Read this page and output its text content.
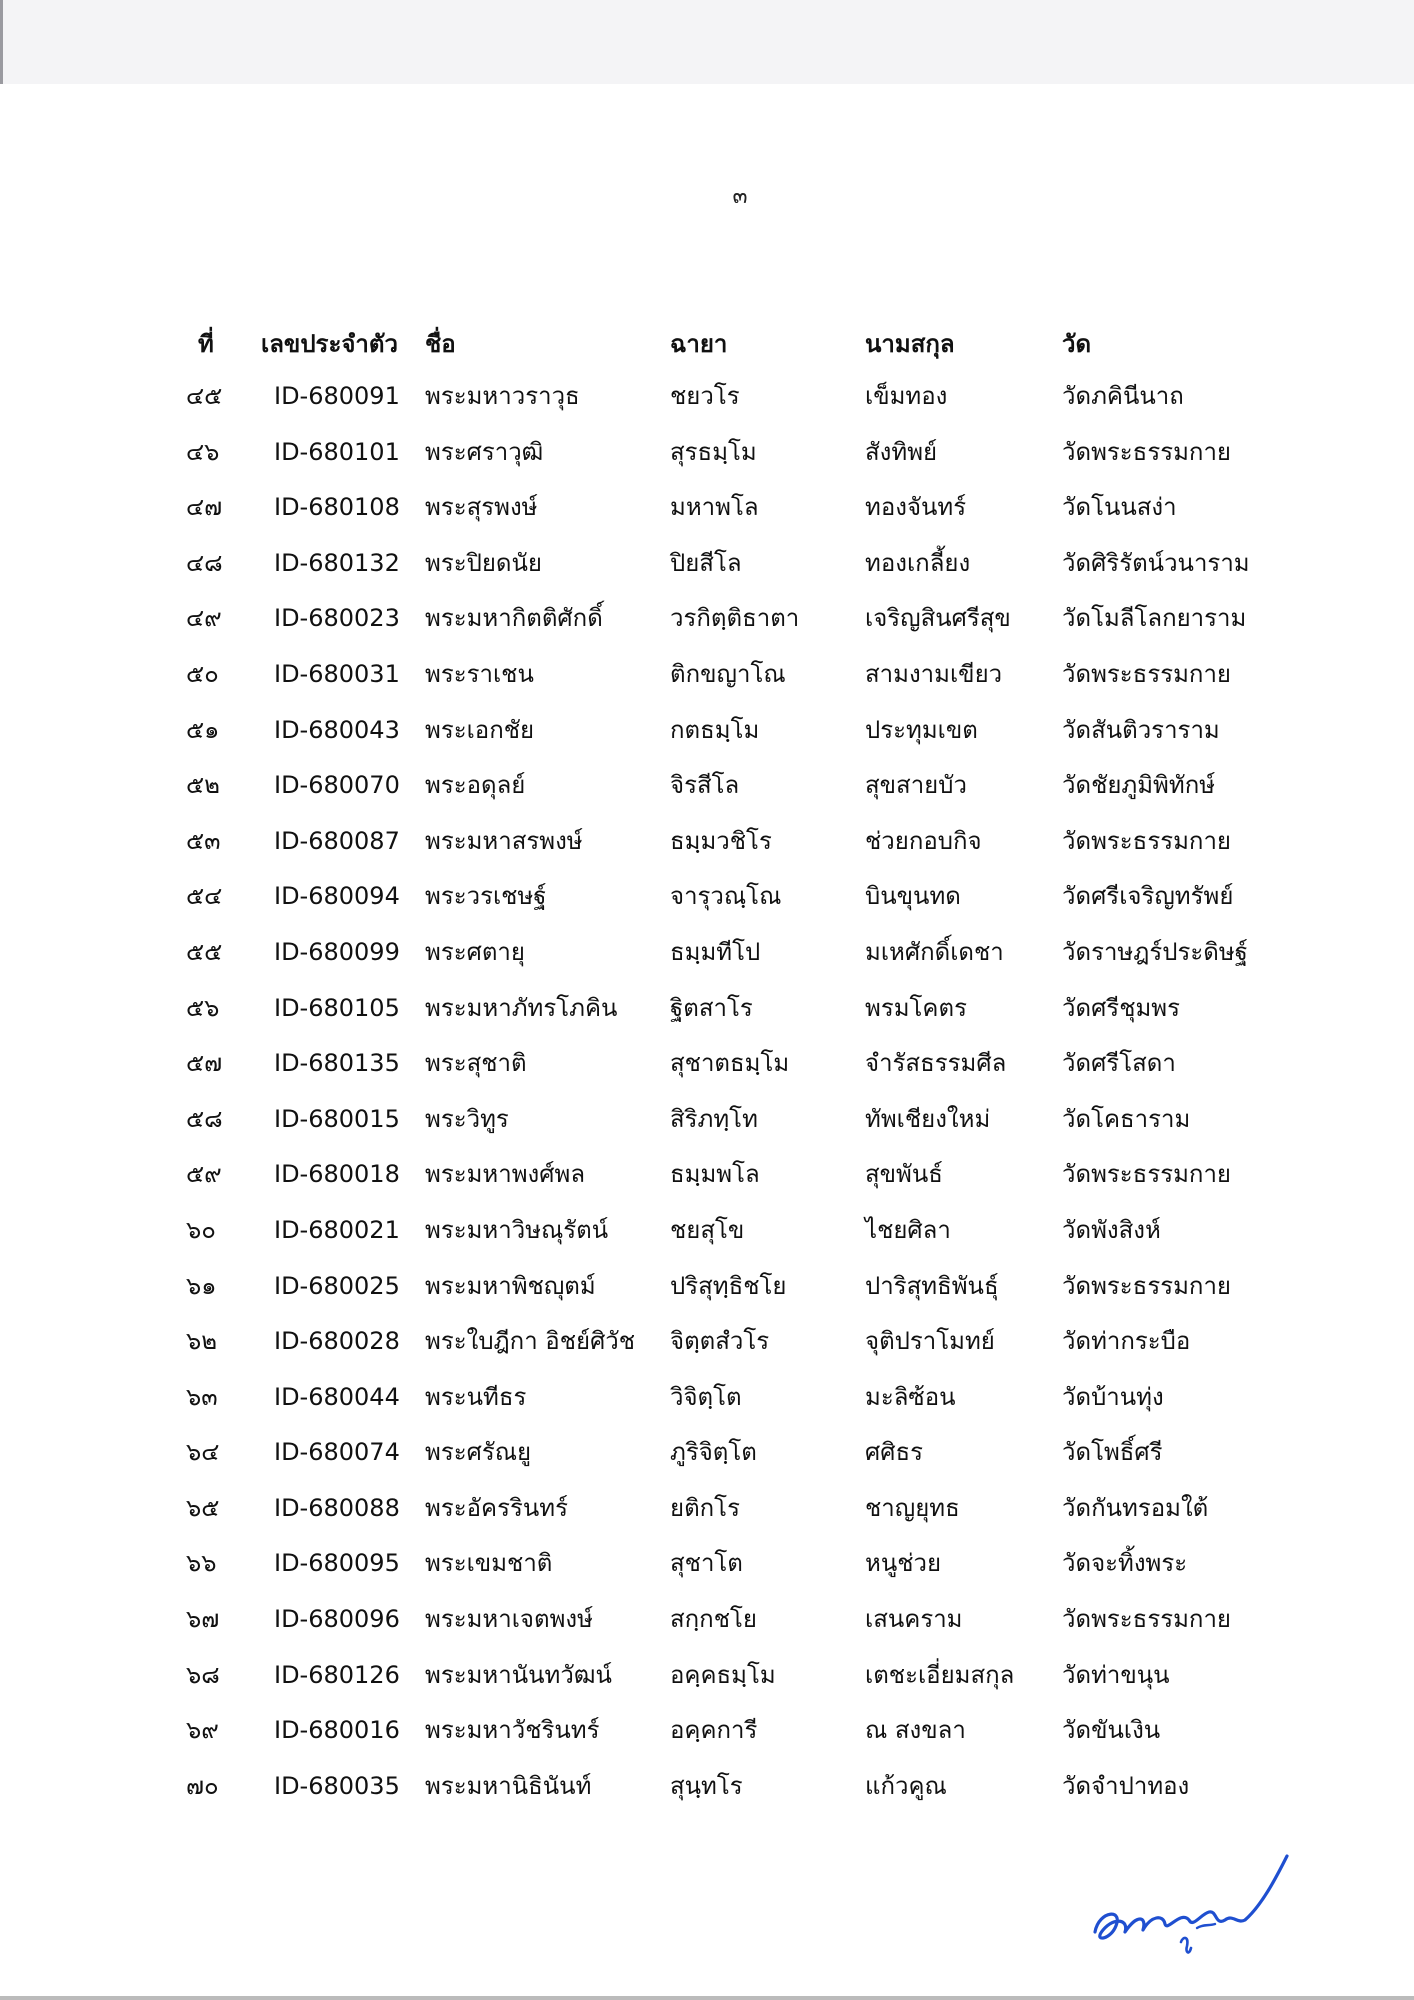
๓
ที่ เลขประจำตัว ชื่อ	ฉายา	นามสกุล	วัด
๔๕ ID-680091 พระมหาวราวุธ	ชยวโร	เข็มทอง	วัดภคินีนาถ
๔๖ ID-680101 พระศราวุฒิ	สุรธมฺโม	สังทิพย์	วัดพระธรรมกาย
๔๗ ID-680108 พระสุรพงษ์	มหาพโล	ทองจันทร์	วัดโนนสง่า
๔๘ ID-680132 พระปิยดนัย	ปิยสีโล	ทองเกลี้ยง	วัดศิริรัตน์วนาราม
๔๙ ID-680023 พระมหากิตติศักดิ์	วรกิตฺติธาตา	เจริญสินศรีสุข วัดโมลีโลกยาราม
๕๐ ID-680031 พระราเชน	ติกขญาโณ	สามงามเขียว วัดพระธรรมกาย
๕๑ ID-680043 พระเอกชัย	กตธมฺโม	ประทุมเขต	วัดสันติวราราม
๕๒ ID-680070 พระอดุลย์	จิรสีโล	สุขสายบัว	วัดชัยภูมิพิทักษ์
๕๓ ID-680087 พระมหาสรพงษ์	ธมฺมวชิโร	ช่วยกอบกิจ	วัดพระธรรมกาย
๕๔ ID-680094 พระวรเชษฐ์	จารุวณฺโณ	บินขุนทด	วัดศรีเจริญทรัพย์
๕๕ ID-680099 พระศตายุ	ธมฺมทีโป	มเหศักดิ์เดชา วัดราษฎร์ประดิษฐ์
๕๖ ID-680105 พระมหาภัทรโภคิน ฐิตสาโร	พรมโคตร	วัดศรีชุมพร
๕๗ ID-680135 พระสุชาติ	สุชาตธมฺโม	จำรัสธรรมศีล วัดศรีโสดา
๕๘ ID-680015 พระวิทูร	สิริภทฺโท	ทัพเชียงใหม่	วัดโคธาราม
๕๙ ID-680018 พระมหาพงศ์พล	ธมฺมพโล	สุขพันธ์	วัดพระธรรมกาย
๖๐ ID-680021 พระมหาวิษณุรัตน์	ชยสุโข	ไชยศิลา	วัดพังสิงห์
๖๑ ID-680025 พระมหาพิชญุตม์	ปริสุทฺธิชโย	ปาริสุทธิพันธุ์	วัดพระธรรมกาย
๖๒ ID-680028 พระใบฎีกา อิชย์ศิวัช จิตฺตสํวโร	จุติปราโมทย์	วัดท่ากระบือ
๖๓ ID-680044 พระนทีธร	วิจิตฺโต	มะลิซ้อน	วัดบ้านทุ่ง
๖๔ ID-680074 พระศรัณยู	ภูริจิตฺโต	ศศิธร	วัดโพธิ์ศรี
๖๕ ID-680088 พระอัครรินทร์	ยติกโร	ชาญยุทธ	วัดกันทรอมใต้
๖๖ ID-680095 พระเขมชาติ	สุชาโต	หนูช่วย	วัดจะทิ้งพระ
๖๗ ID-680096 พระมหาเจตพงษ์	สกฺกชโย	เสนคราม	วัดพระธรรมกาย
๖๘ ID-680126 พระมหานันทวัฒน์ อคฺคธมฺโม	เตชะเอี่ยมสกุล วัดท่าขนุน
๖๙ ID-680016 พระมหาวัชรินทร์	อคฺคการี	ณ สงขลา	วัดขันเงิน
๗๐ ID-680035 พระมหานิธินันท์	สุนฺทโร	แก้วคูณ	วัดจำปาทอง
